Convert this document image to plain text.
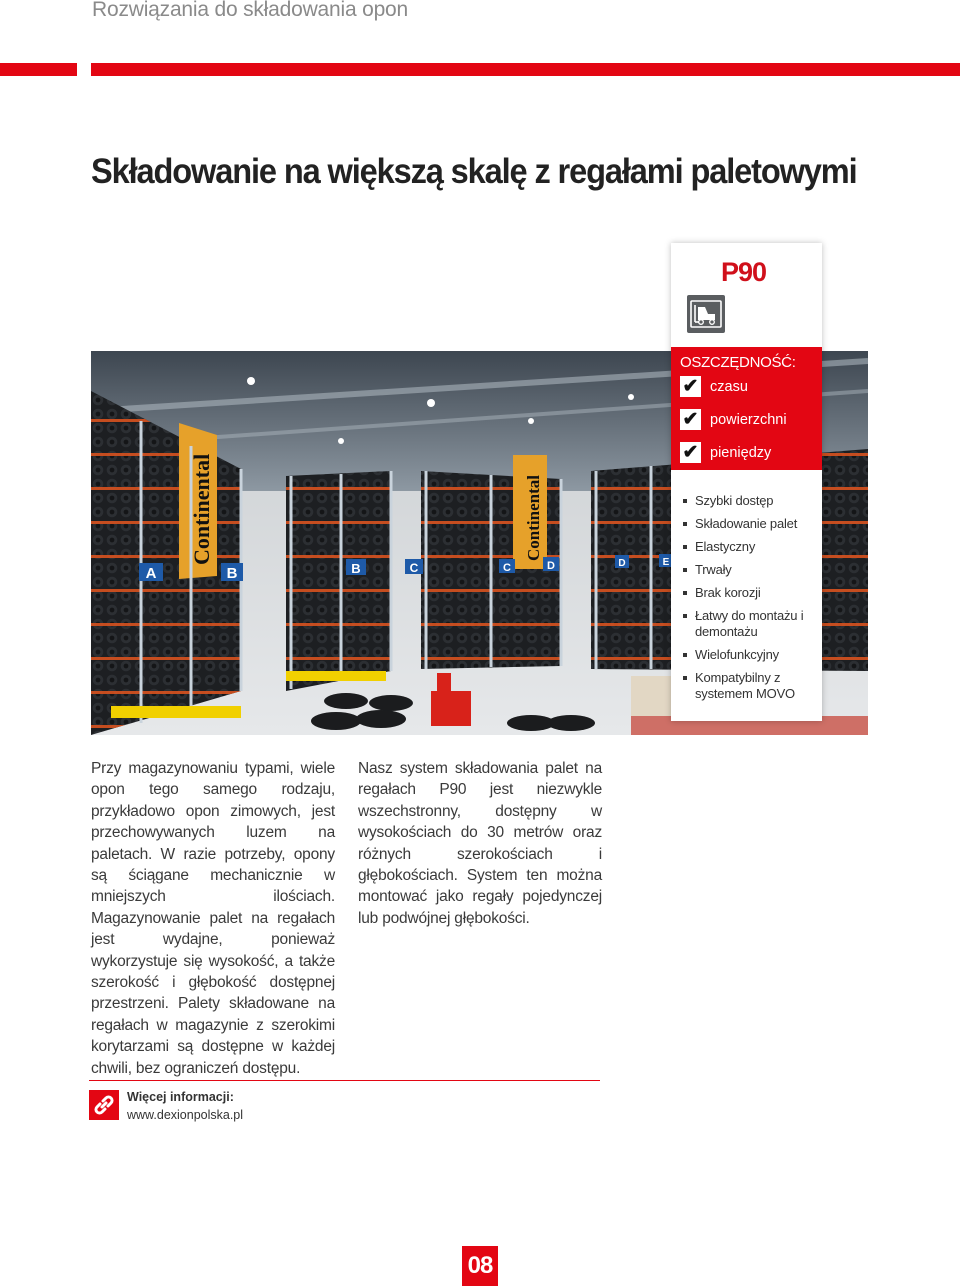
Rozwiązania do składowania opon
Składowanie na większą skalę z regałami paletowymi
Continental	Continental
A	B	B	C	C	D	D	E
P90
OSZCZĘDNOŚĆ:
✔ czasu
✔ powierzchni
✔ pieniędzy
Szybki dostęp
Składowanie palet
Elastyczny
Trwały
Brak korozji
Łatwy do montażu i demontażu
Wielofunkcyjny
Kompatybilny z systemem MOVO
Przy magazynowaniu typami, wiele opon tego samego rodzaju, przykładowo opon zimowych, jest przechowywanych luzem na paletach. W razie potrzeby, opony są ściągane mechanicznie w mniejszych ilościach. Magazynowanie palet na regałach jest wydajne, ponieważ wykorzystuje się wysokość, a także szerokość i głębokość dostępnej przestrzeni. Palety składowane na regałach w magazynie z szerokimi korytarzami są dostępne w każdej chwili, bez ograniczeń dostępu.
Nasz system składowania palet na regałach P90 jest niezwykle wszechstronny, dostępny w wysokościach do 30 metrów oraz różnych szerokościach i głębokościach. System ten można montować jako regały pojedynczej lub podwójnej głębokości.
Więcej informacji:
www.dexionpolska.pl
08
